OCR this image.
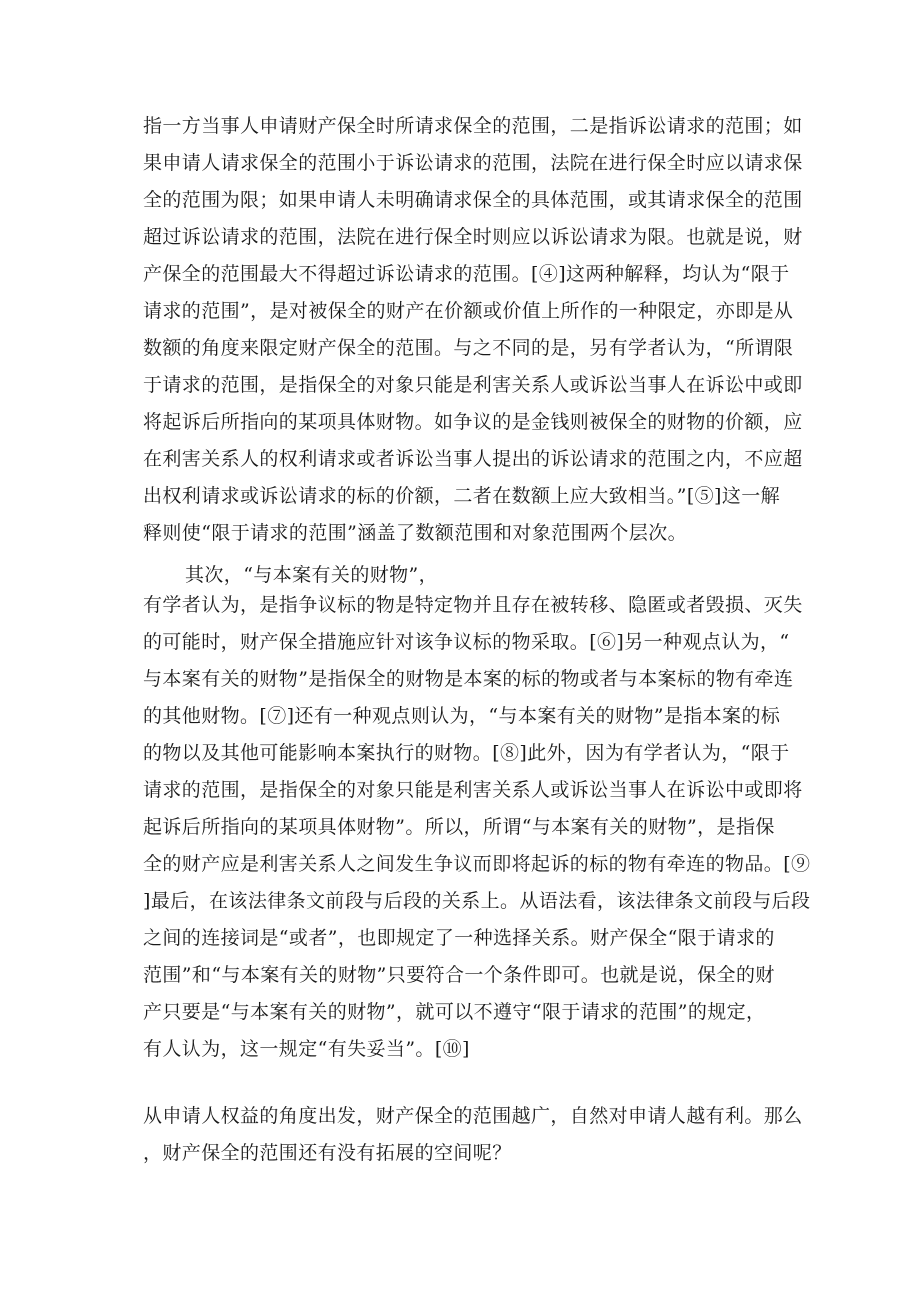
指一方当事人申请财产保全时所请求保全的范围，二是指诉讼请求的范围；如
果申请人请求保全的范围小于诉讼请求的范围，法院在进行保全时应以请求保
全的范围为限；如果申请人未明确请求保全的具体范围，或其请求保全的范围
超过诉讼请求的范围，法院在进行保全时则应以诉讼请求为限。也就是说，财
产保全的范围最大不得超过诉讼请求的范围。[④]这两种解释，均认为“限于
请求的范围”，是对被保全的财产在价额或价值上所作的一种限定，亦即是从
数额的角度来限定财产保全的范围。与之不同的是，另有学者认为，“所谓限
于请求的范围，是指保全的对象只能是利害关系人或诉讼当事人在诉讼中或即
将起诉后所指向的某项具体财物。如争议的是金钱则被保全的财物的价额，应
在利害关系人的权利请求或者诉讼当事人提出的诉讼请求的范围之内，不应超
出权利请求或诉讼请求的标的价额，二者在数额上应大致相当。”[⑤]这一解
释则使“限于请求的范围”涵盖了数额范围和对象范围两个层次。
其次，“与本案有关的财物”，
有学者认为，是指争议标的物是特定物并且存在被转移、隐匿或者毁损、灭失
的可能时，财产保全措施应针对该争议标的物采取。[⑥]另一种观点认为，“
与本案有关的财物”是指保全的财物是本案的标的物或者与本案标的物有牵连
的其他财物。[⑦]还有一种观点则认为，“与本案有关的财物”是指本案的标
的物以及其他可能影响本案执行的财物。[⑧]此外，因为有学者认为，“限于
请求的范围，是指保全的对象只能是利害关系人或诉讼当事人在诉讼中或即将
起诉后所指向的某项具体财物”。所以，所谓“与本案有关的财物”，是指保
全的财产应是利害关系人之间发生争议而即将起诉的标的物有牵连的物品。[⑨
]最后，在该法律条文前段与后段的关系上。从语法看，该法律条文前段与后段
之间的连接词是“或者”，也即规定了一种选择关系。财产保全“限于请求的
范围”和“与本案有关的财物”只要符合一个条件即可。也就是说，保全的财
产只要是“与本案有关的财物”，就可以不遵守“限于请求的范围”的规定，
有人认为，这一规定“有失妥当”。[⑩]
从申请人权益的角度出发，财产保全的范围越广，自然对申请人越有利。那么
，财产保全的范围还有没有拓展的空间呢？
